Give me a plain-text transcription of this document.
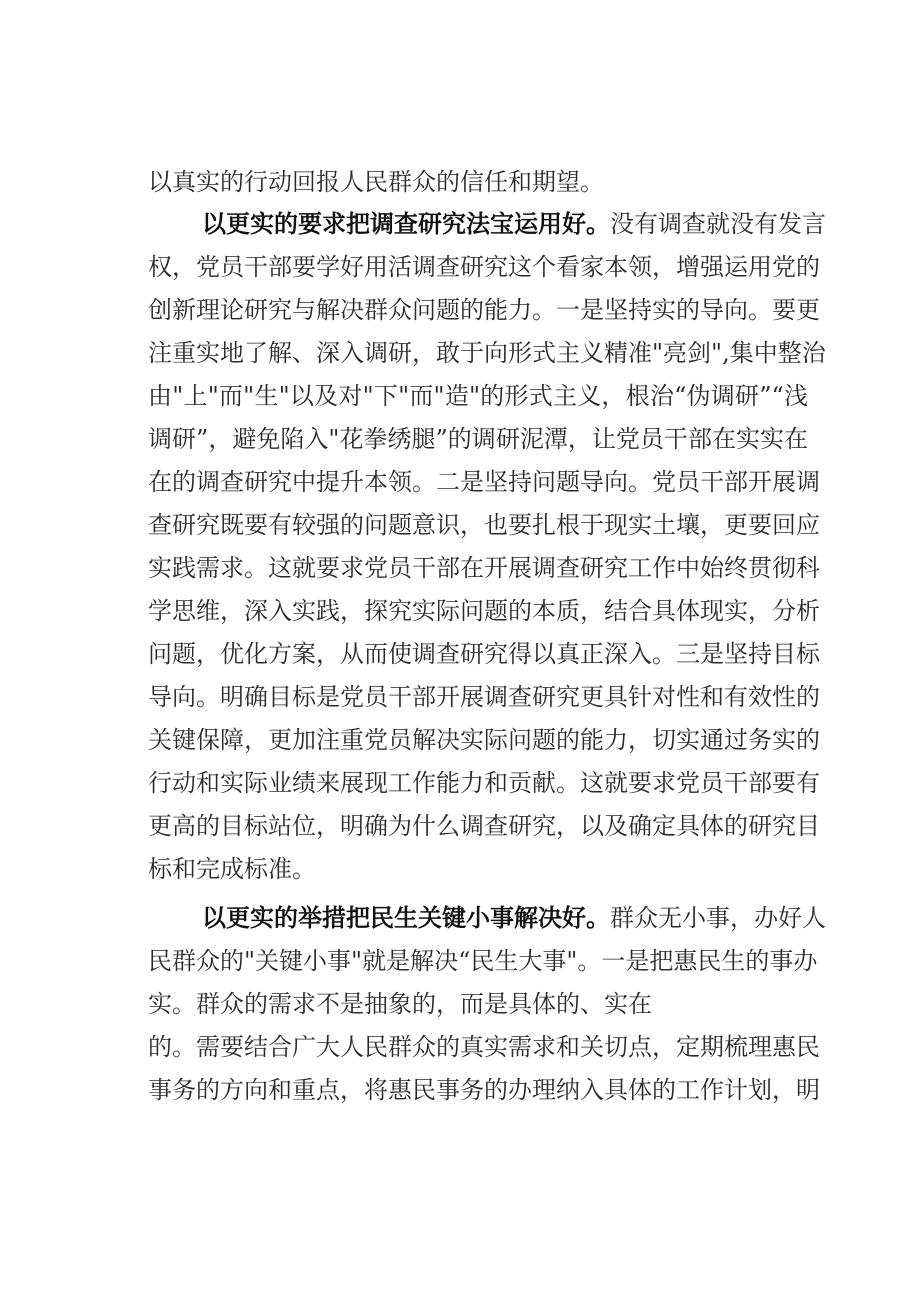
以真实的行动回报人民群众的信任和期望。
以更实的要求把调查研究法宝运用好。没有调查就没有发言
权，党员干部要学好用活调查研究这个看家本领，增强运用党的
创新理论研究与解决群众问题的能力。一是坚持实的导向。要更
注重实地了解、深入调研，敢于向形式主义精准"亮剑",集中整治
由"上"而"生"以及对"下"而"造"的形式主义，根治“伪调研”“浅
调研”，避免陷入"花拳绣腿”的调研泥潭，让党员干部在实实在
在的调查研究中提升本领。二是坚持问题导向。党员干部开展调
查研究既要有较强的问题意识，也要扎根于现实土壤，更要回应
实践需求。这就要求党员干部在开展调查研究工作中始终贯彻科
学思维，深入实践，探究实际问题的本质，结合具体现实，分析
问题，优化方案，从而使调查研究得以真正深入。三是坚持目标
导向。明确目标是党员干部开展调查研究更具针对性和有效性的
关键保障，更加注重党员解决实际问题的能力，切实通过务实的
行动和实际业绩来展现工作能力和贡献。这就要求党员干部要有
更高的目标站位，明确为什么调查研究，以及确定具体的研究目
标和完成标准。
以更实的举措把民生关键小事解决好。群众无小事，办好人
民群众的"关键小事"就是解决“民生大事"。一是把惠民生的事办
实。群众的需求不是抽象的，而是具体的、实在
的。需要结合广大人民群众的真实需求和关切点，定期梳理惠民
事务的方向和重点，将惠民事务的办理纳入具体的工作计划，明
